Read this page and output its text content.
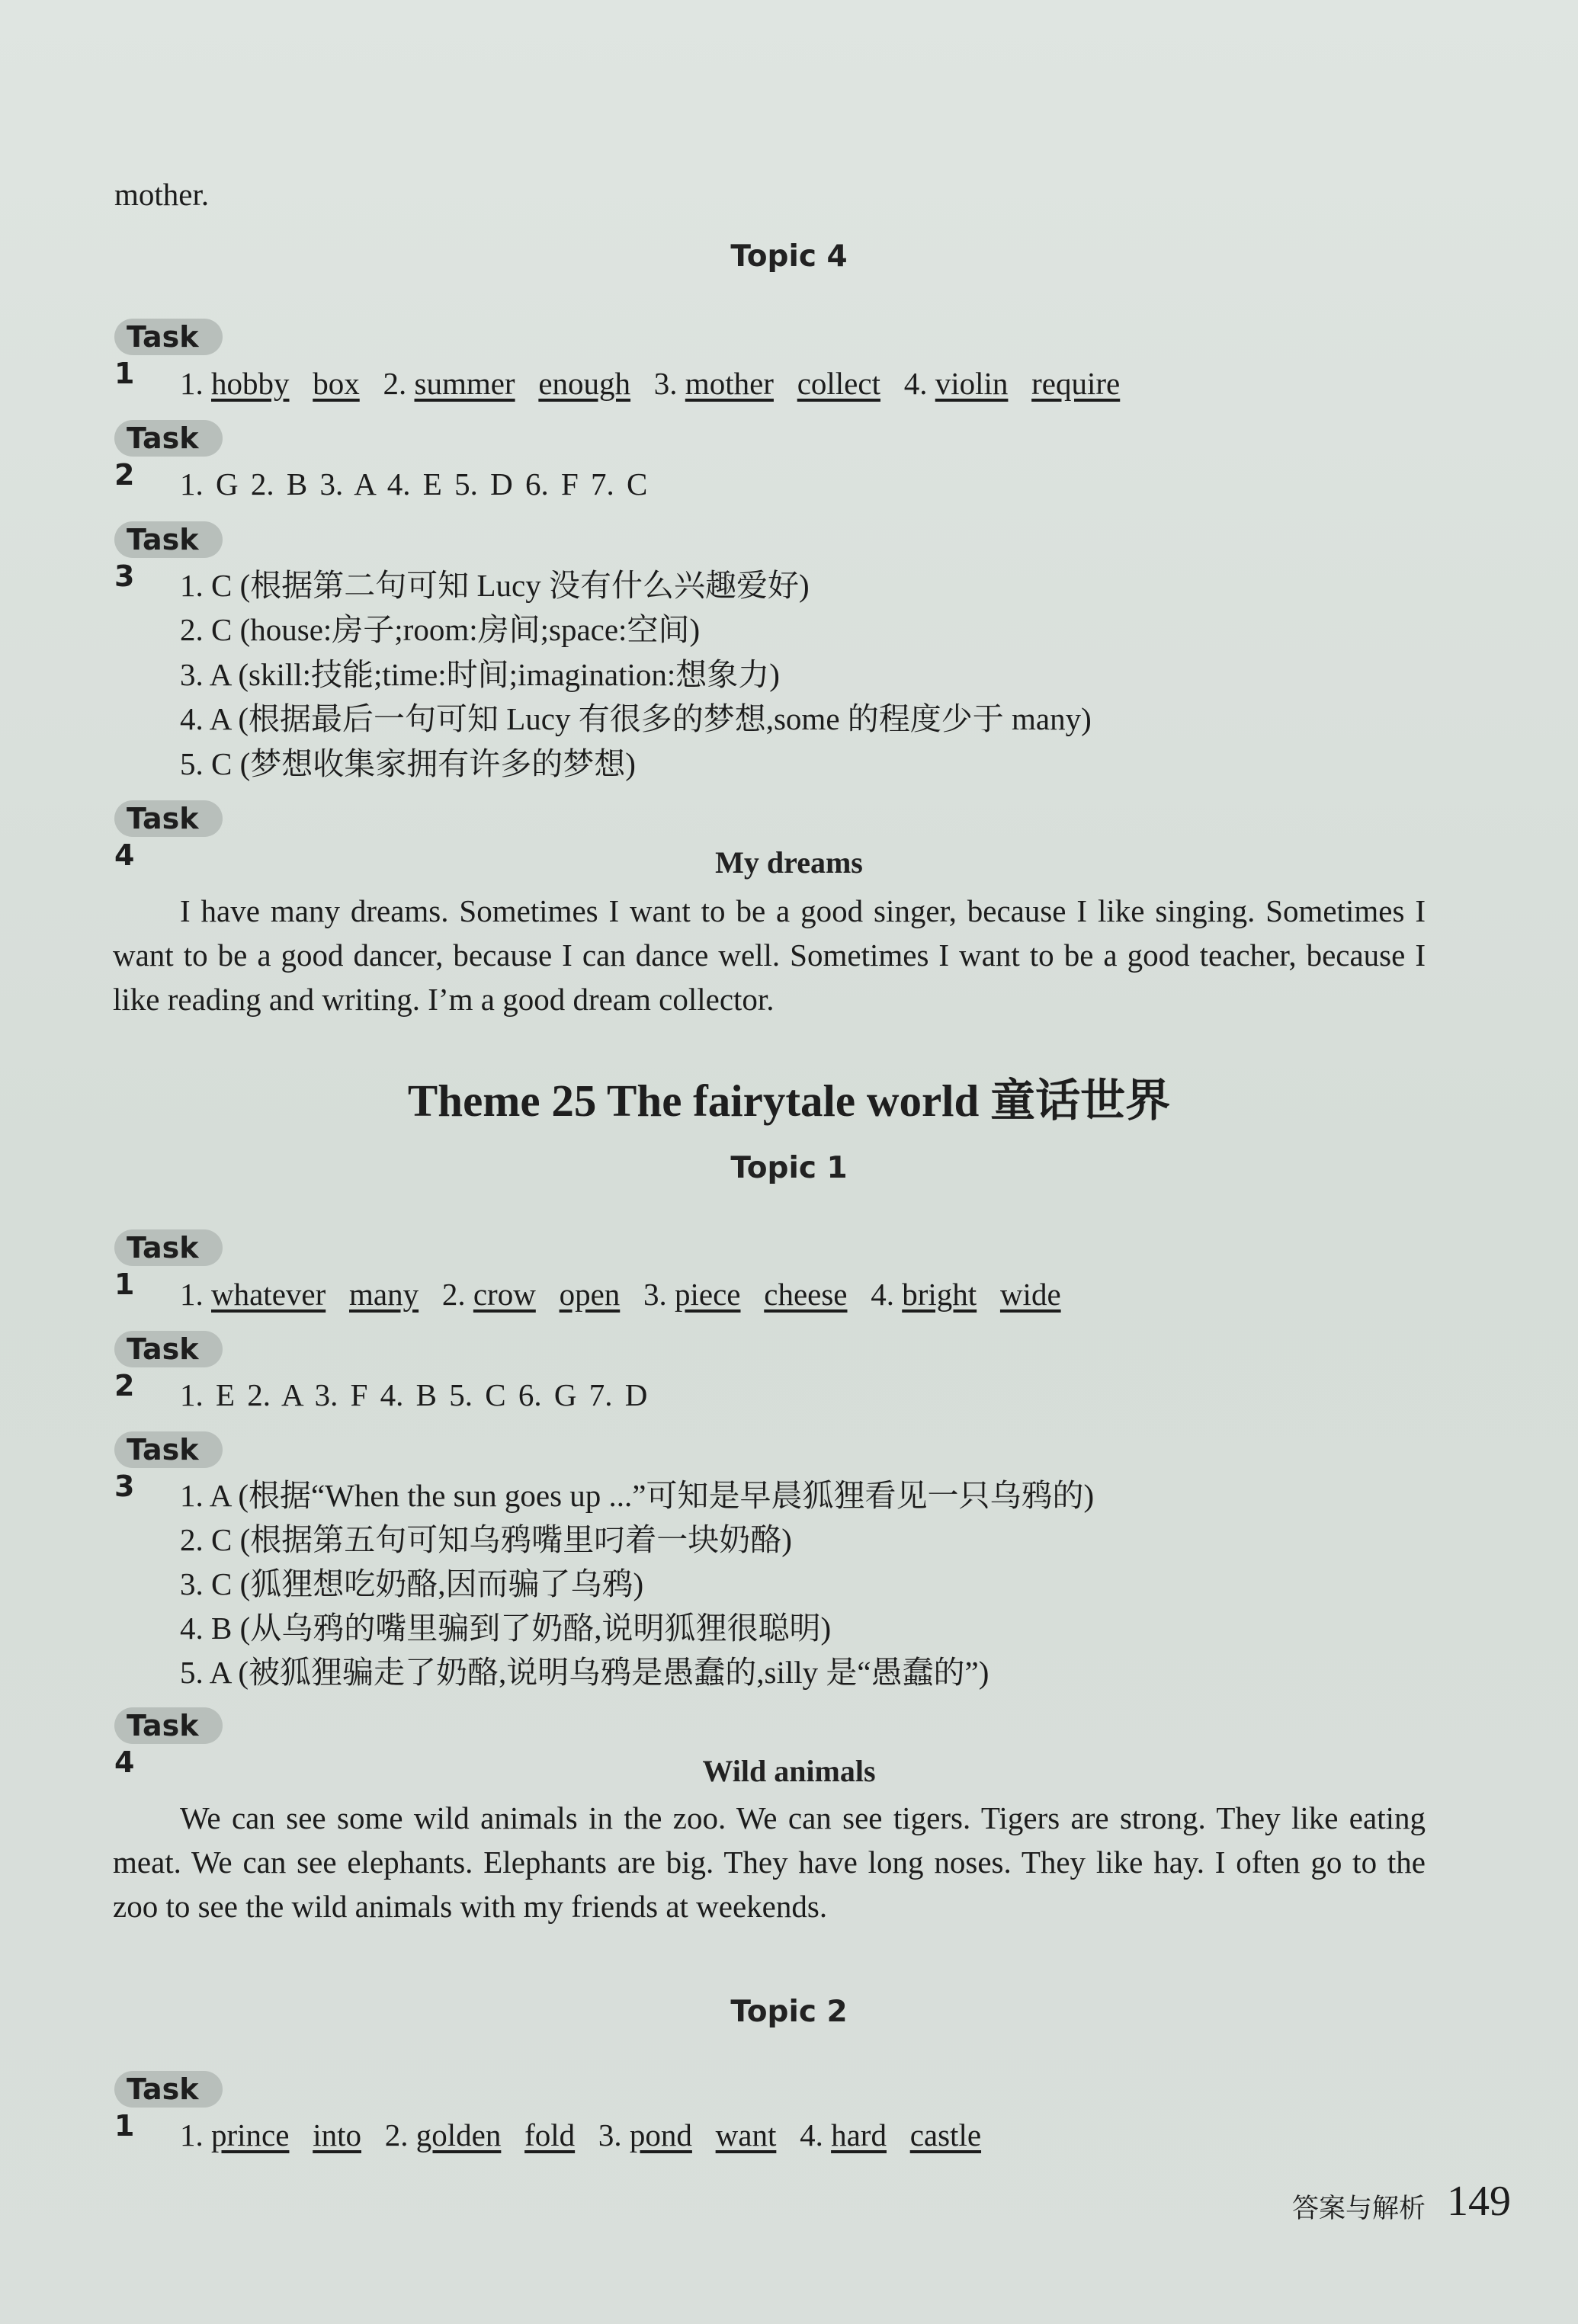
mother.
Topic 4
Task 1	1. hobby box 2. summer enough 3. mother collect 4. violin require
Task 2	1. G 2. B 3. A 4. E 5. D 6. F 7. C
Task 3	1. C (根据第二句可知 Lucy 没有什么兴趣爱好)
2. C (house:房子;room:房间;space:空间)
3. A (skill:技能;time:时间;imagination:想象力)
4. A (根据最后一句可知 Lucy 有很多的梦想,some 的程度少于 many)
5. C (梦想收集家拥有许多的梦想)
Task 4	My dreams
I have many dreams. Sometimes I want to be a good singer, because I like singing. Sometimes I want to be a good dancer, because I can dance well. Sometimes I want to be a good teacher, because I like reading and writing. I’m a good dream collector.
Theme 25 The fairytale world 童话世界
Topic 1
Task 1	1. whatever many 2. crow open 3. piece cheese 4. bright wide
Task 2	1. E 2. A 3. F 4. B 5. C 6. G 7. D
Task 3	1. A (根据“When the sun goes up ...”可知是早晨狐狸看见一只乌鸦的)
2. C (根据第五句可知乌鸦嘴里叼着一块奶酪)
3. C (狐狸想吃奶酪,因而骗了乌鸦)
4. B (从乌鸦的嘴里骗到了奶酪,说明狐狸很聪明)
5. A (被狐狸骗走了奶酪,说明乌鸦是愚蠢的,silly 是“愚蠢的”)
Task 4	Wild animals
We can see some wild animals in the zoo. We can see tigers. Tigers are strong. They like eating meat. We can see elephants. Elephants are big. They have long noses. They like hay. I often go to the zoo to see the wild animals with my friends at weekends.
Topic 2
Task 1	1. prince into 2. golden fold 3. pond want 4. hard castle
答案与解析 149
